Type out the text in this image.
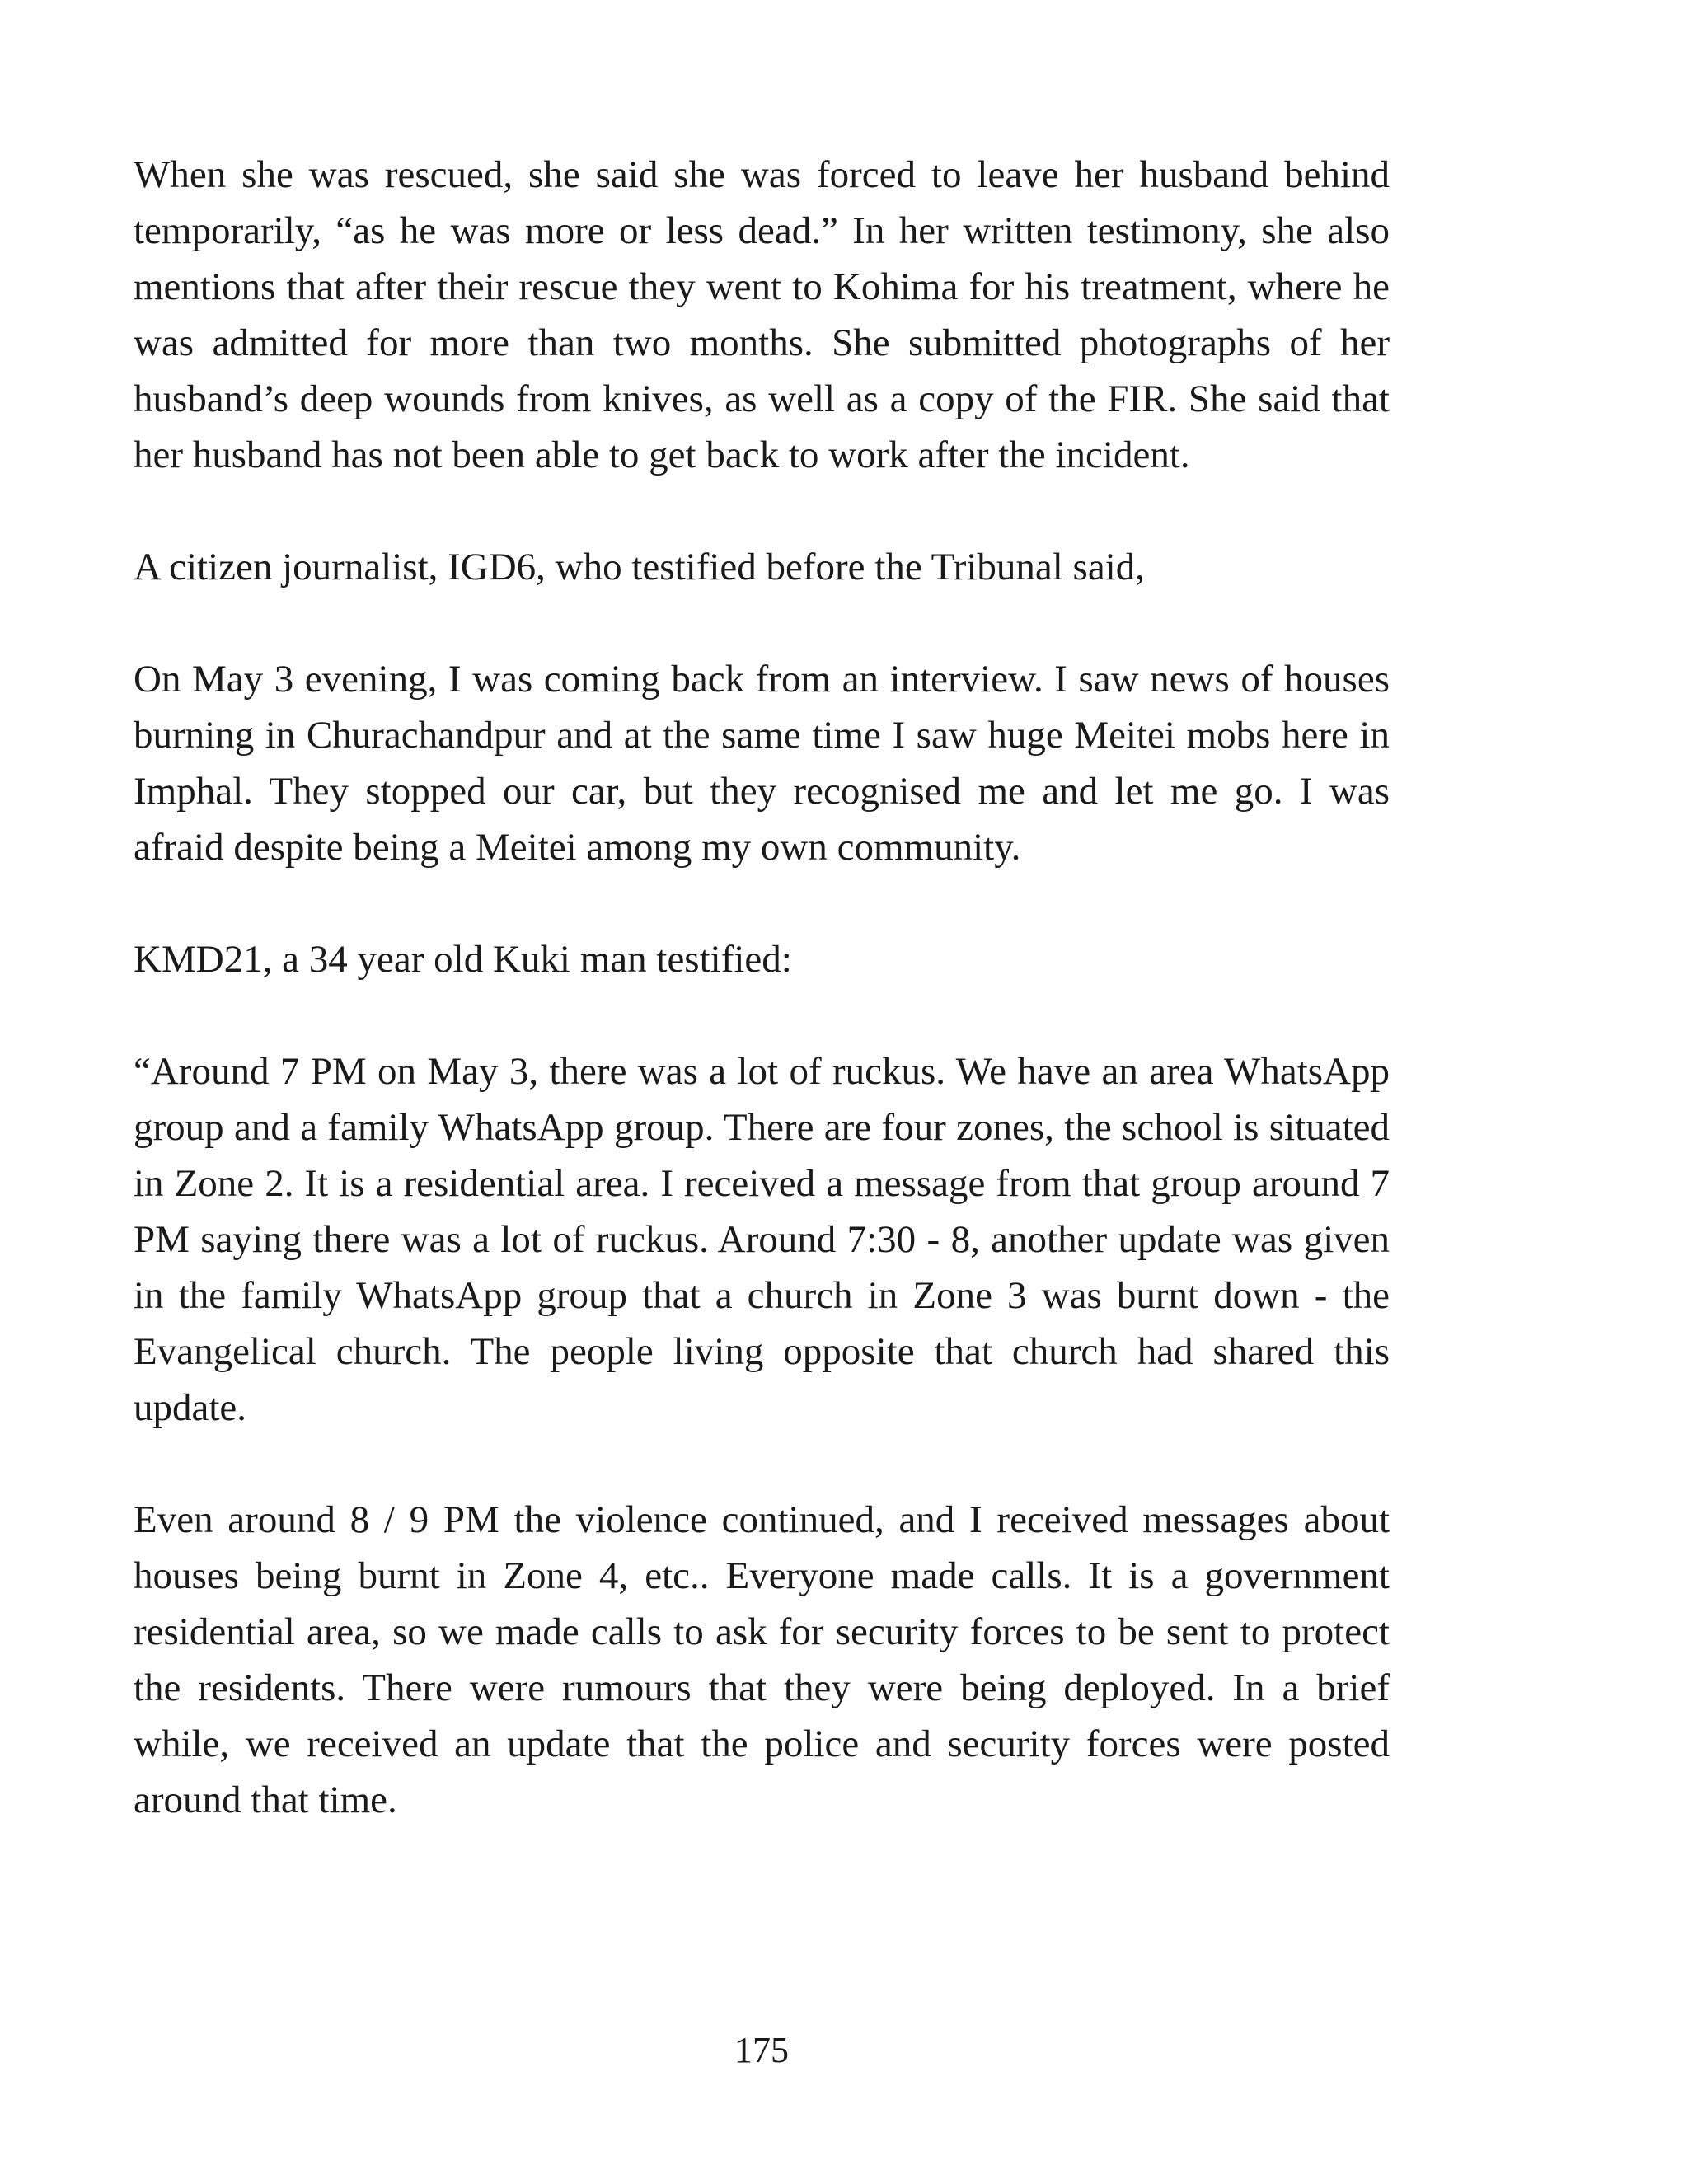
When she was rescued, she said she was forced to leave her husband behind temporarily, “as he was more or less dead.” In her written testimony, she also mentions that after their rescue they went to Kohima for his treatment, where he was admitted for more than two months. She submitted photographs of her husband’s deep wounds from knives, as well as a copy of the FIR. She said that her husband has not been able to get back to work after the incident.

A citizen journalist, IGD6, who testified before the Tribunal said,

On May 3 evening, I was coming back from an interview. I saw news of houses burning in Churachandpur and at the same time I saw huge Meitei mobs here in Imphal. They stopped our car, but they recognised me and let me go. I was afraid despite being a Meitei among my own community.

KMD21, a 34 year old Kuki man testified:

“Around 7 PM on May 3, there was a lot of ruckus. We have an area WhatsApp group and a family WhatsApp group. There are four zones, the school is situated in Zone 2. It is a residential area. I received a message from that group around 7 PM saying there was a lot of ruckus. Around 7:30 - 8, another update was given in the family WhatsApp group that a church in Zone 3 was burnt down - the Evangelical church. The people living opposite that church had shared this update.

Even around 8 / 9 PM the violence continued, and I received messages about houses being burnt in Zone 4, etc.. Everyone made calls. It is a government residential area, so we made calls to ask for security forces to be sent to protect the residents. There were rumours that they were being deployed. In a brief while, we received an update that the police and security forces were posted around that time.

175
